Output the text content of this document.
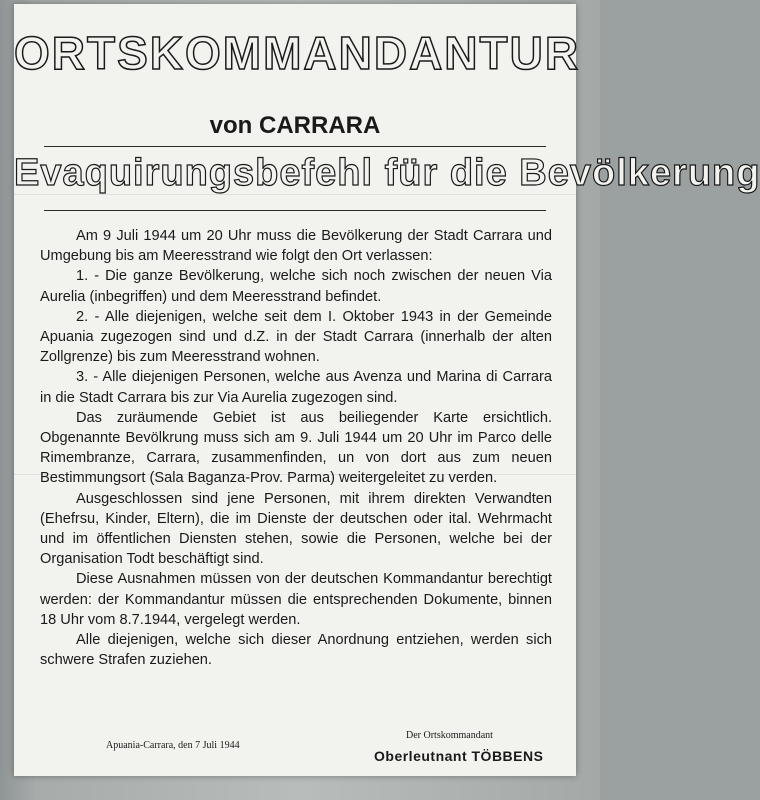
ORTSKOMMANDANTUR
von CARRARA
Evaquirungsbefehl für die Bevölkerung

Am 9 Juli 1944 um 20 Uhr muss die Bevölkerung der Stadt Carrara und Umgebung bis am Meeresstrand wie folgt den Ort verlassen:

1. - Die ganze Bevölkerung, welche sich noch zwischen der neuen Via Aurelia (inbegriffen) und dem Meeresstrand befindet.

2. - Alle diejenigen, welche seit dem I. Oktober 1943 in der Gemeinde Apuania zugezogen sind und d.Z. in der Stadt Carrara (innerhalb der alten Zollgrenze) bis zum Meeresstrand wohnen.

3. - Alle diejenigen Personen, welche aus Avenza und Marina di Carrara in die Stadt Carrara bis zur Via Aurelia zugezogen sind.

Das zuräumende Gebiet ist aus beiliegender Karte ersichtlich. Obgenannte Bevölkrung muss sich am 9. Juli 1944 um 20 Uhr im Parco delle Rimembranze, Carrara, zusammenfinden, un von dort aus zum neuen Bestimmungsort (Sala Baganza-Prov. Parma) weitergeleitet zu verden.

Ausgeschlossen sind jene Personen, mit ihrem direkten Verwandten (Ehefrsu, Kinder, Eltern), die im Dienste der deutschen oder ital. Wehrmacht und im öffentlichen Diensten stehen, sowie die Personen, welche bei der Organisation Todt beschäftigt sind.

Diese Ausnahmen müssen von der deutschen Kommandantur berechtigt werden: der Kommandantur müssen die entsprechenden Dokumente, binnen 18 Uhr vom 8.7.1944, vergelegt werden.

Alle diejenigen, welche sich dieser Anordnung entziehen, werden sich schwere Strafen zuziehen.

Apuania-Carrara, den 7 Juli 1944
Der Ortskommandant
Oberleutnant TÖBBENS
